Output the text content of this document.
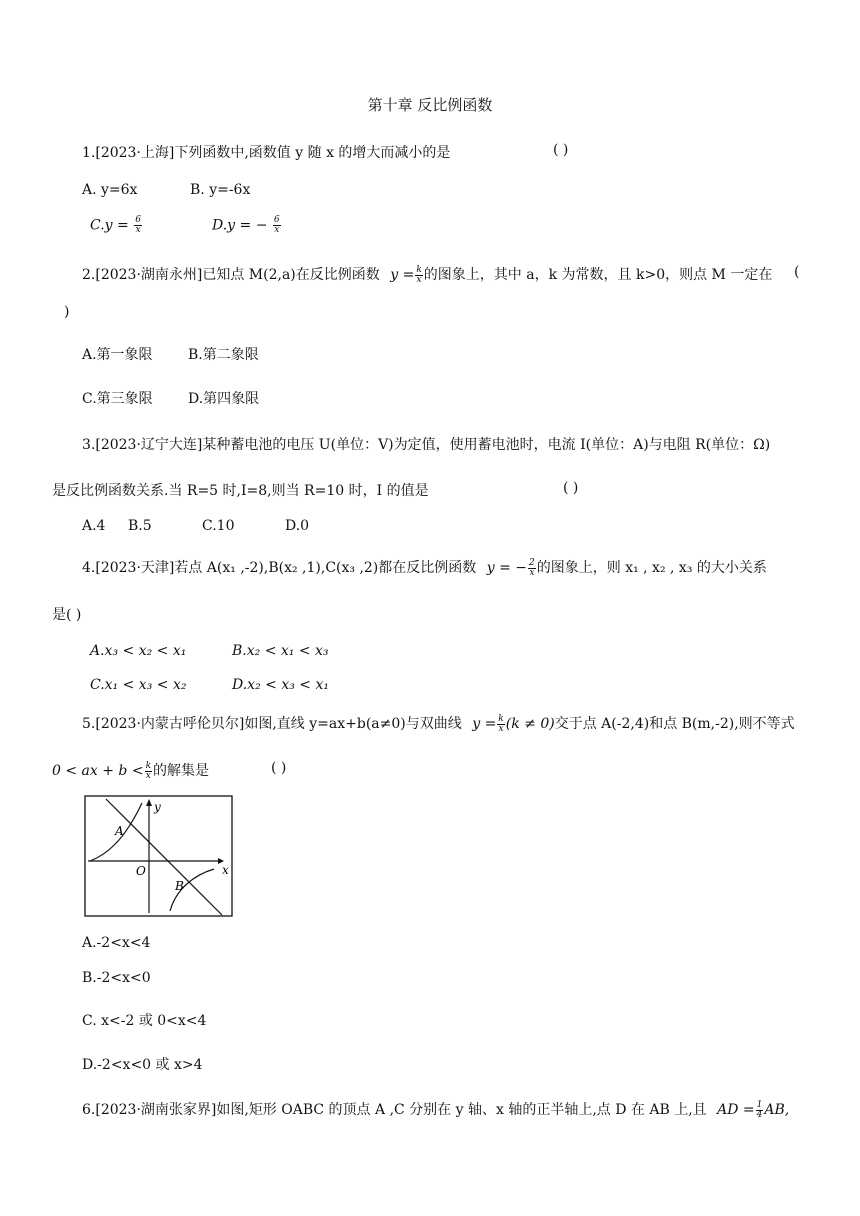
第十章 反比例函数
1.[2023·上海]下列函数中,函数值 y 随 x 的增大而减小的是	( )
A. y=6x	B. y=-6x
$C.y = \frac{6}{x}$	D.y = − $\frac{6}{x}$
2.[2023·湖南永州]已知点 M(2,a)在反比例函数 $y = \frac{k}{x}$ 的图象上，其中 a，k 为常数，且 k>0，则点 M 一定在 (
)
A.第一象限	B.第二象限
C.第三象限	D.第四象限
3.[2023·辽宁大连]某种蓄电池的电压 U(单位：V)为定值，使用蓄电池时，电流 I(单位：A)与电阻 R(单位：Ω)
是反比例函数关系.当 R=5 时,I=8,则当 R=10 时，I 的值是	( )
A.4 B.5	C.10	D.0
4.[2023·天津]若点 A(x₁ ,-2),B(x₂ ,1),C(x₃ ,2)都在反比例函数 y = − $\frac{2}{x}$ 的图象上，则 x₁ , x₂ , x₃ 的大小关系
是( )
A.x₃ < x₂ < x₁	B.x₂ < x₁ < x₃
C.x₁ < x₃ < x₂	D.x₂ < x₃ < x₁
5.[2023·内蒙古呼伦贝尔]如图,直线 y=ax+b(a≠0)与双曲线 $y = \frac{k}{x} (k \ne 0)$交于点 A(-2,4)和点 B(m,-2),则不等式
0 < ax + $b < \frac{k}{x}$ 的解集是	( )
x
y
O
A
B
A.-2<x<4
B.-2<x<0
C. x<-2 或 0<x<4
D.-2<x<0 或 x>4
6.[2023·湖南张家界]如图,矩形 OABC 的顶点 A ,C 分别在 y 轴、x 轴的正半轴上,点 D 在 AB 上,且 AD = $\frac{1}{4}$ AB,
